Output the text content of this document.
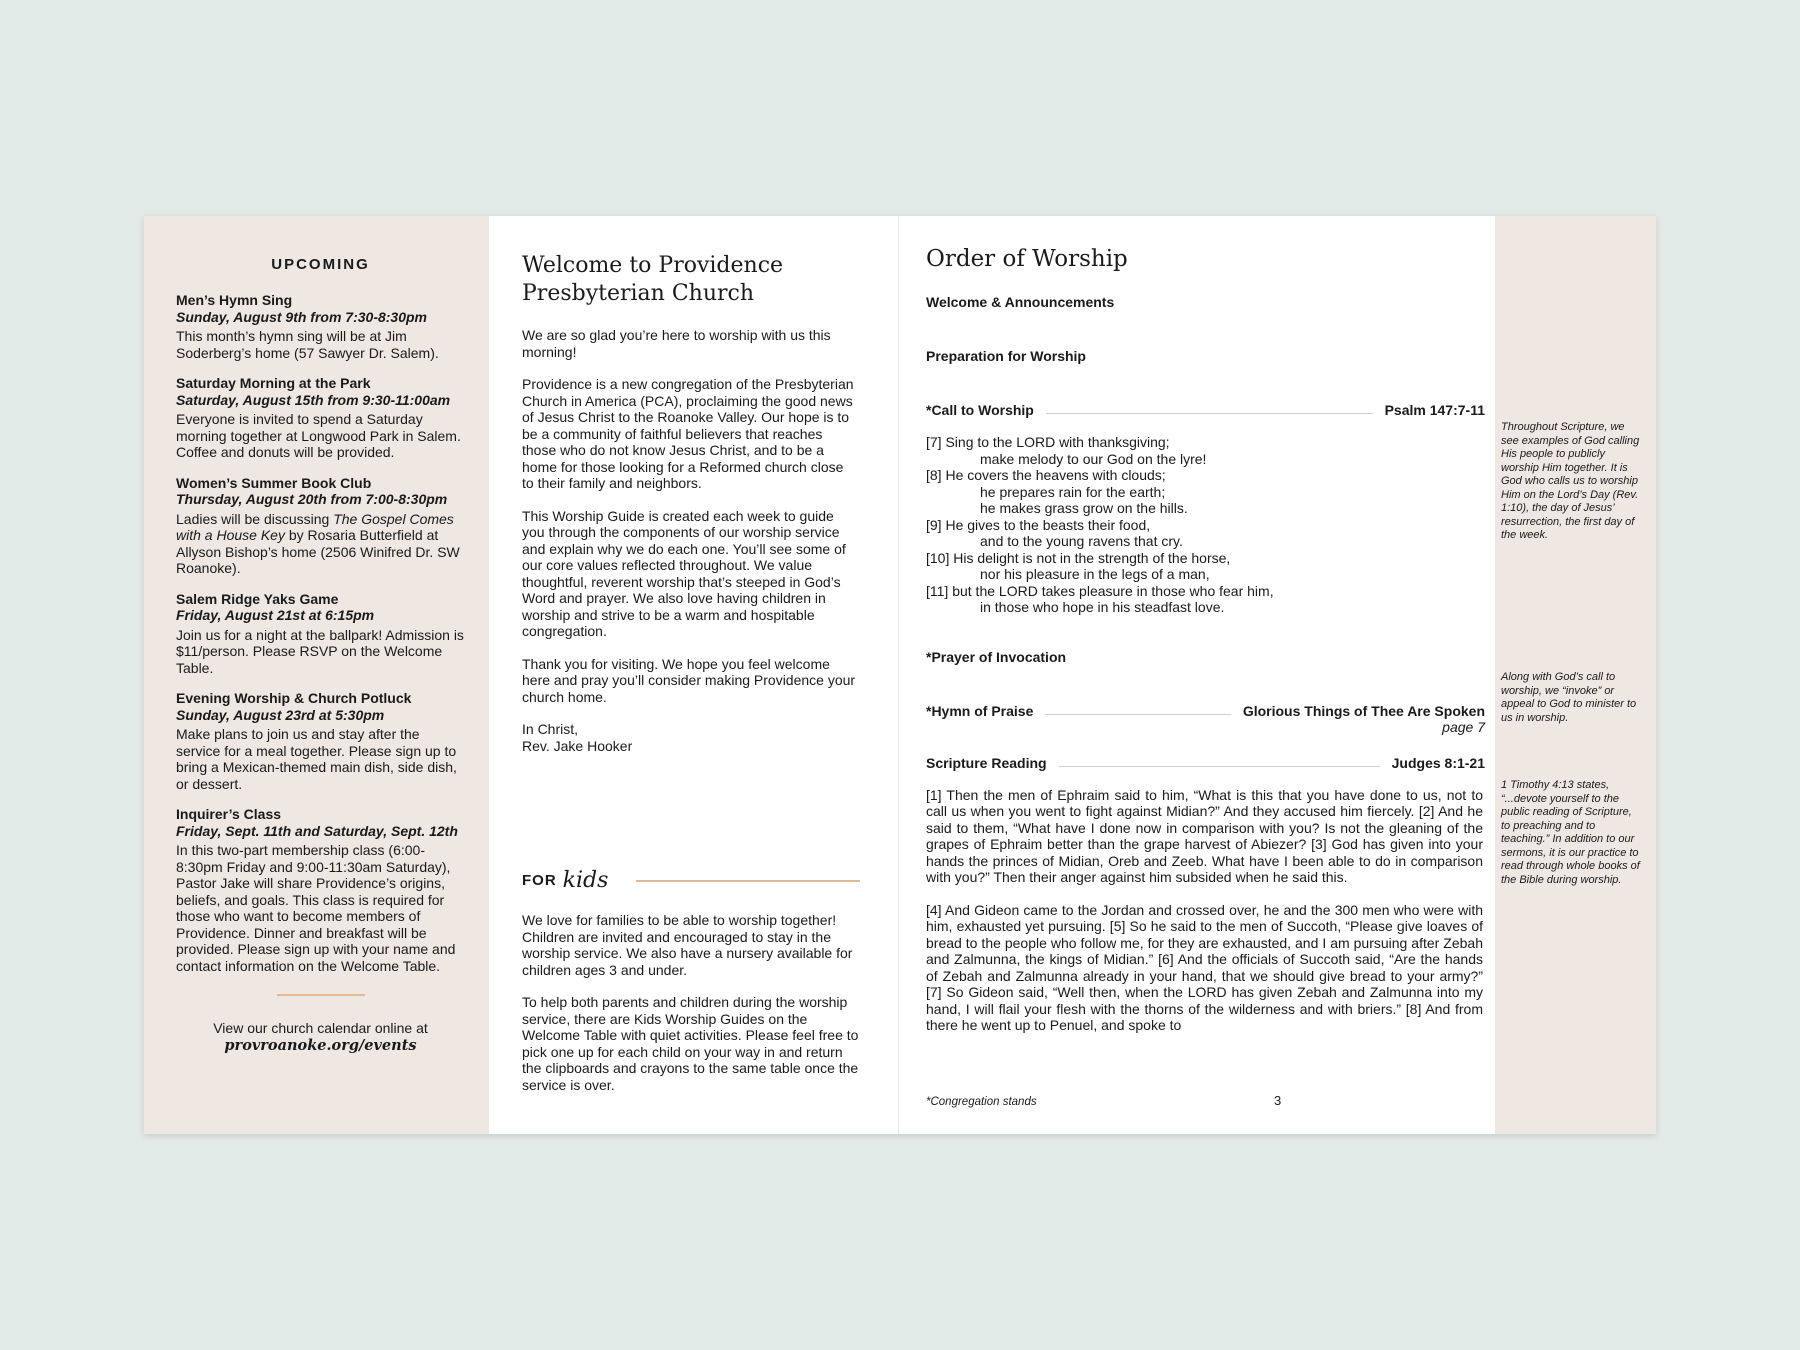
UPCOMING
Men’s Hymn Sing
Sunday, August 9th from 7:30-8:30pm
This month’s hymn sing will be at Jim Soderberg’s home (57 Sawyer Dr. Salem).
Saturday Morning at the Park
Saturday, August 15th from 9:30-11:00am
Everyone is invited to spend a Saturday morning together at Longwood Park in Salem. Coffee and donuts will be provided.
Women’s Summer Book Club
Thursday, August 20th from 7:00-8:30pm
Ladies will be discussing The Gospel Comes with a House Key by Rosaria Butterfield at Allyson Bishop’s home (2506 Winifred Dr. SW Roanoke).
Salem Ridge Yaks Game
Friday, August 21st at 6:15pm
Join us for a night at the ballpark! Admission is $11/person. Please RSVP on the Welcome Table.
Evening Worship & Church Potluck
Sunday, August 23rd at 5:30pm
Make plans to join us and stay after the service for a meal together. Please sign up to bring a Mexican-themed main dish, side dish, or dessert.
Inquirer’s Class
Friday, Sept. 11th and Saturday, Sept. 12th
In this two-part membership class (6:00-8:30pm Friday and 9:00-11:30am Saturday), Pastor Jake will share Providence’s origins, beliefs, and goals. This class is required for those who want to become members of Providence. Dinner and breakfast will be provided. Please sign up with your name and contact information on the Welcome Table.
View our church calendar online at
provroanoke.org/events
Welcome to Providence
Presbyterian Church

We are so glad you’re here to worship with us this morning!

Providence is a new congregation of the Presbyterian Church in America (PCA), proclaiming the good news of Jesus Christ to the Roanoke Valley. Our hope is to be a community of faithful believers that reaches those who do not know Jesus Christ, and to be a home for those looking for a Reformed church close to their family and neighbors.

This Worship Guide is created each week to guide you through the components of our worship service and explain why we do each one. You’ll see some of our core values reflected throughout. We value thoughtful, reverent worship that’s steeped in God’s Word and prayer. We also love having children in worship and strive to be a warm and hospitable congregation.

Thank you for visiting. We hope you feel welcome here and pray you’ll consider making Providence your church home.

In Christ,
Rev. Jake Hooker

FOR kids

We love for families to be able to worship together! Children are invited and encouraged to stay in the worship service. We also have a nursery available for children ages 3 and under.

To help both parents and children during the worship service, there are Kids Worship Guides on the Welcome Table with quiet activities. Please feel free to pick one up for each child on your way in and return the clipboards and crayons to the same table once the service is over.

Order of Worship
Welcome & Announcements
Preparation for Worship
*Call to Worship	Psalm 147:7-11
[7] Sing to the LORD with thanksgiving;
make melody to our God on the lyre!
[8] He covers the heavens with clouds;
he prepares rain for the earth;
he makes grass grow on the hills.
[9] He gives to the beasts their food,
and to the young ravens that cry.
[10] His delight is not in the strength of the horse,
nor his pleasure in the legs of a man,
[11] but the LORD takes pleasure in those who fear him,
in those who hope in his steadfast love.
*Prayer of Invocation
*Hymn of Praise	Glorious Things of Thee Are Spoken
page 7
Scripture Reading	Judges 8:1-21
[1] Then the men of Ephraim said to him, “What is this that you have done to us, not to call us when you went to fight against Midian?” And they accused him fiercely. [2] And he said to them, “What have I done now in comparison with you? Is not the gleaning of the grapes of Ephraim better than the grape harvest of Abiezer? [3] God has given into your hands the princes of Midian, Oreb and Zeeb. What have I been able to do in comparison with you?” Then their anger against him subsided when he said this.
[4] And Gideon came to the Jordan and crossed over, he and the 300 men who were with him, exhausted yet pursuing. [5] So he said to the men of Succoth, “Please give loaves of bread to the people who follow me, for they are exhausted, and I am pursuing after Zebah and Zalmunna, the kings of Midian.” [6] And the officials of Succoth said, “Are the hands of Zebah and Zalmunna already in your hand, that we should give bread to your army?” [7] So Gideon said, “Well then, when the LORD has given Zebah and Zalmunna into my hand, I will flail your flesh with the thorns of the wilderness and with briers.” [8] And from there he went up to Penuel, and spoke to
*Congregation stands	3
Throughout Scripture, we see examples of God calling His people to publicly worship Him together. It is God who calls us to worship Him on the Lord’s Day (Rev. 1:10), the day of Jesus’ resurrection, the first day of the week.
Along with God’s call to worship, we “invoke” or appeal to God to minister to us in worship.
1 Timothy 4:13 states, “...devote yourself to the public reading of Scripture, to preaching and to teaching.” In addition to our sermons, it is our practice to read through whole books of the Bible during worship.
